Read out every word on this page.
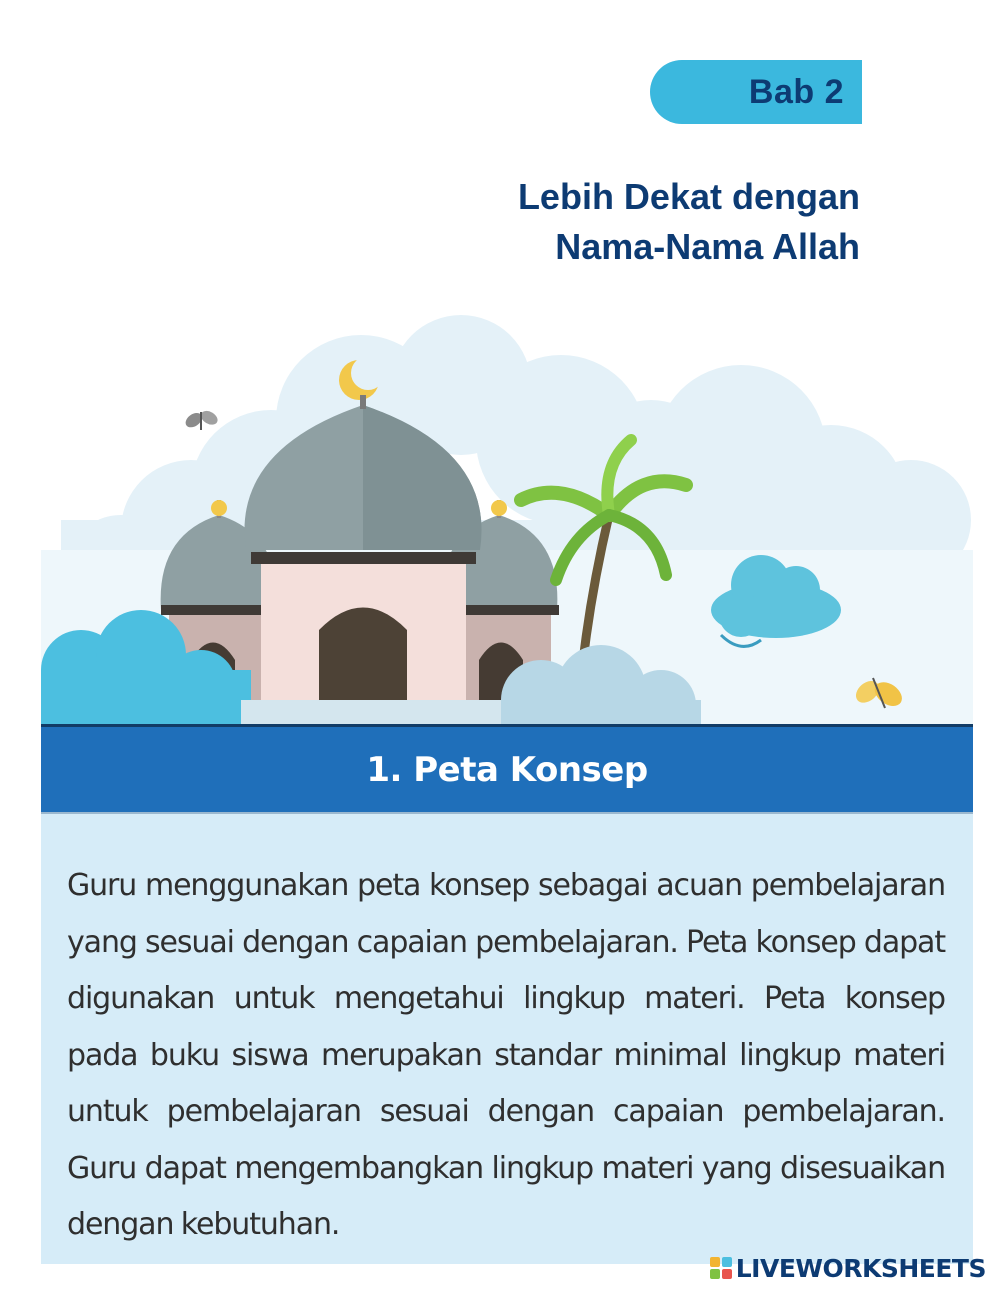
Bab 2
Lebih Dekat dengan
Nama-Nama Allah
1. Peta Konsep

Guru menggunakan peta konsep sebagai acuan pembelajaran yang sesuai dengan capaian pembelajaran. Peta konsep dapat digunakan untuk mengetahui lingkup materi. Peta konsep pada buku siswa merupakan standar minimal lingkup materi untuk pembelajaran sesuai dengan capaian pembelajaran. Guru dapat mengembangkan lingkup materi yang disesuaikan dengan kebutuhan.

LIVEWORKSHEETS
